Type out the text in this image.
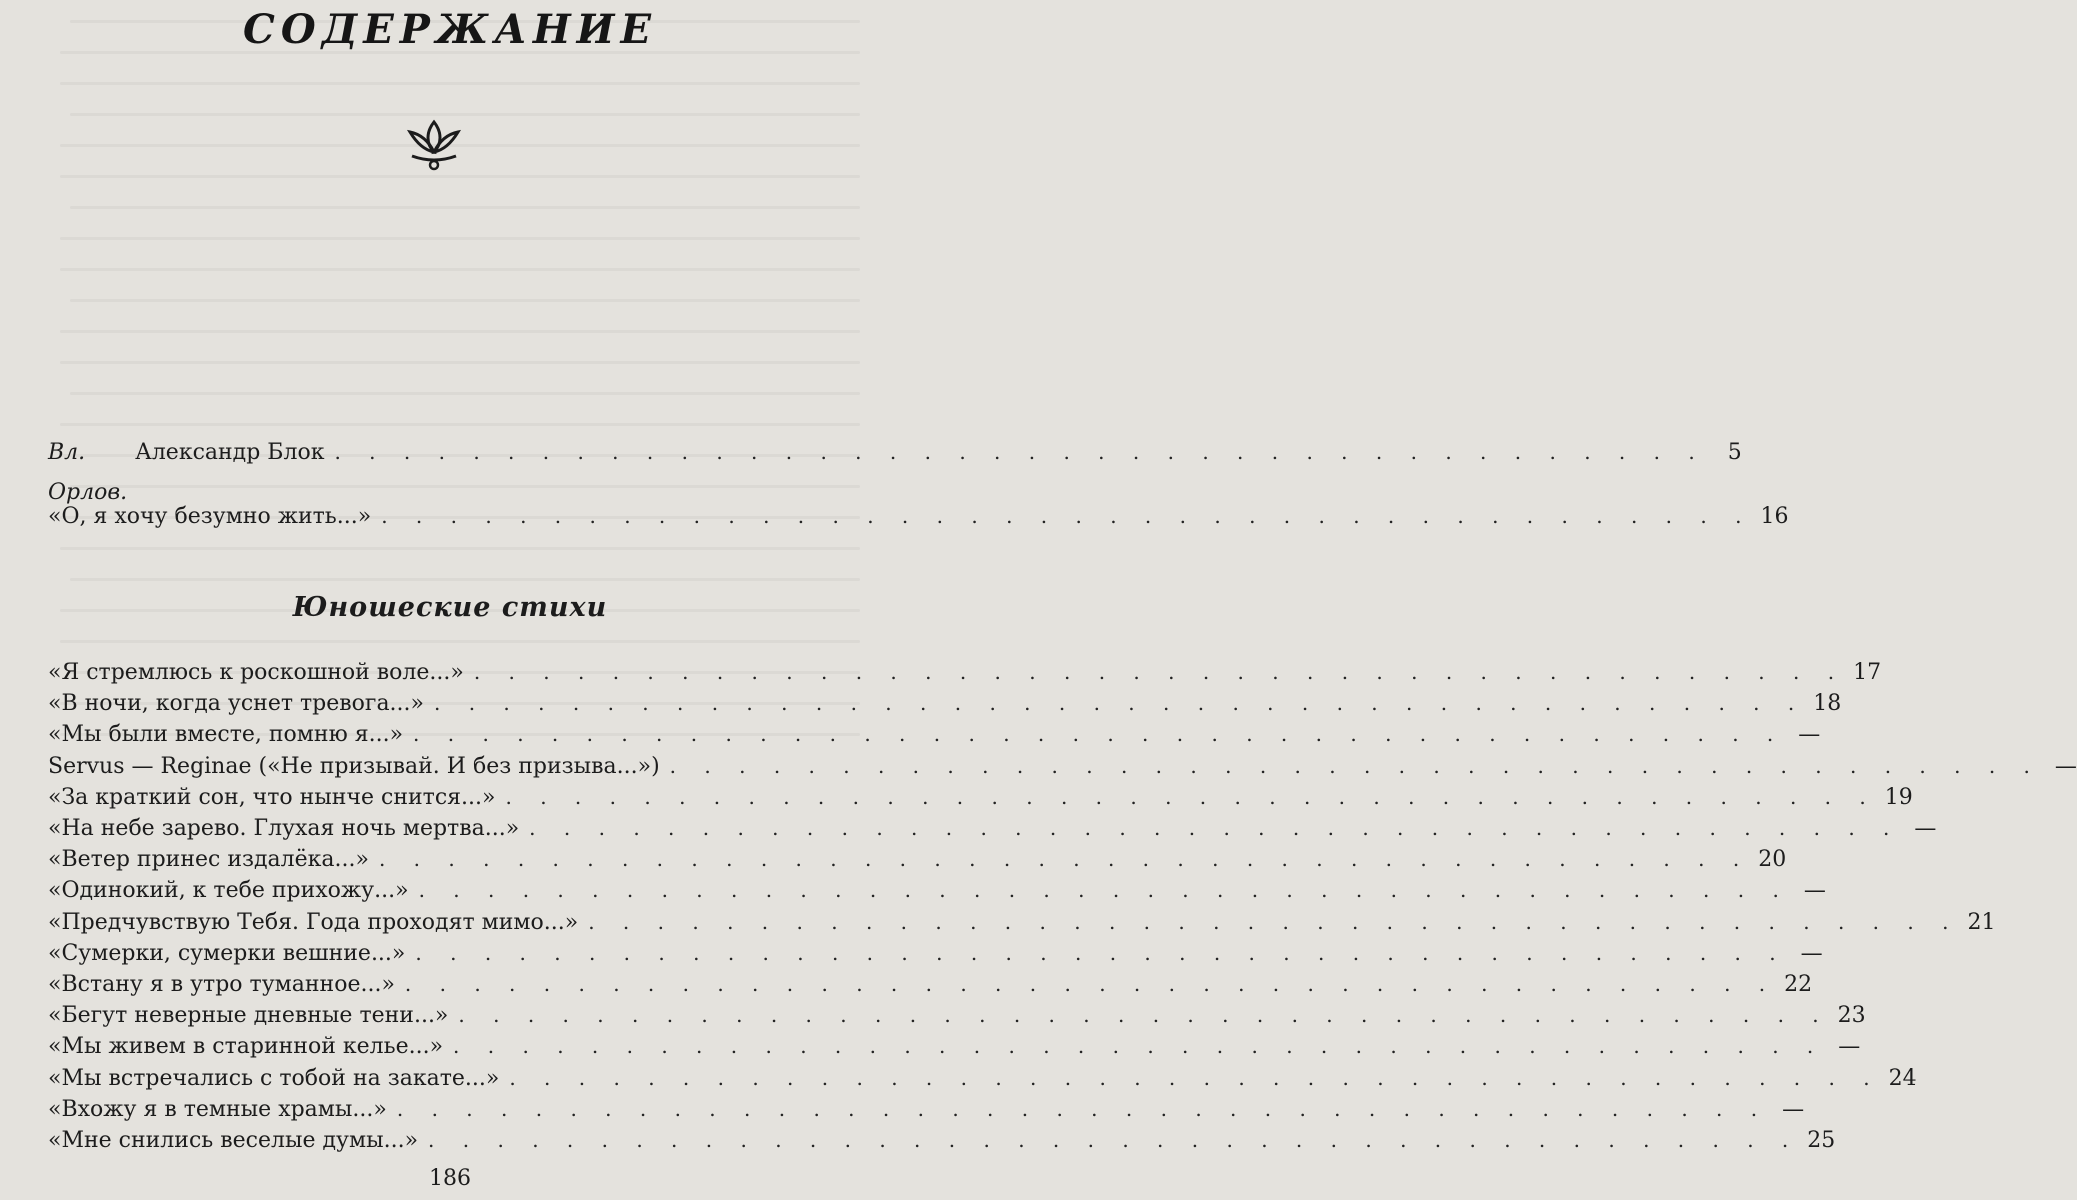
СОДЕРЖАНИЕ
Вл. Орлов.
Александр Блок . . . . . . . . . . . . . . . . . . . . . . . . . . . . . . . . . . . . . . . .	5
«О, я хочу безумно жить...» . . . . . . . . . . . . . . . . . . . . . . . . . . . . . . . . . . . . . . . . 16
Юношеские стихи
«Я стремлюсь к роскошной воле...» . . . . . . . . . . . . . . . . . . . . . . . . . . . . . . . . . . . . . . . . 17
«В ночи, когда уснет тревога...» . . . . . . . . . . . . . . . . . . . . . . . . . . . . . . . . . . . . . . . . 18
«Мы были вместе, помню я...» . . . . . . . . . . . . . . . . . . . . . . . . . . . . . . . . . . . . . . . . —
Servus — Reginae («Не призывай. И без призыва...») . . . . . . . . . . . . . . . . . . . . . . . . . . . . . . . . . . . . . . . . —
«За краткий сон, что нынче снится...» . . . . . . . . . . . . . . . . . . . . . . . . . . . . . . . . . . . . . . . . 19
«На небе зарево. Глухая ночь мертва...» . . . . . . . . . . . . . . . . . . . . . . . . . . . . . . . . . . . . . . . . —
«Ветер принес издалёка...» . . . . . . . . . . . . . . . . . . . . . . . . . . . . . . . . . . . . . . . . 20
«Одинокий, к тебе прихожу...» . . . . . . . . . . . . . . . . . . . . . . . . . . . . . . . . . . . . . . . . —
«Предчувствую Тебя. Года проходят мимо...» . . . . . . . . . . . . . . . . . . . . . . . . . . . . . . . . . . . . . . . . 21
«Сумерки, сумерки вешние...» . . . . . . . . . . . . . . . . . . . . . . . . . . . . . . . . . . . . . . . . —
«Встану я в утро туманное...» . . . . . . . . . . . . . . . . . . . . . . . . . . . . . . . . . . . . . . . . 22
«Бегут неверные дневные тени...» . . . . . . . . . . . . . . . . . . . . . . . . . . . . . . . . . . . . . . . . 23
«Мы живем в старинной келье...» . . . . . . . . . . . . . . . . . . . . . . . . . . . . . . . . . . . . . . . . —
«Мы встречались с тобой на закате...» . . . . . . . . . . . . . . . . . . . . . . . . . . . . . . . . . . . . . . . . 24
«Вхожу я в темные храмы...» . . . . . . . . . . . . . . . . . . . . . . . . . . . . . . . . . . . . . . . . —
«Мне снились веселые думы...» . . . . . . . . . . . . . . . . . . . . . . . . . . . . . . . . . . . . . . . . 25
186
